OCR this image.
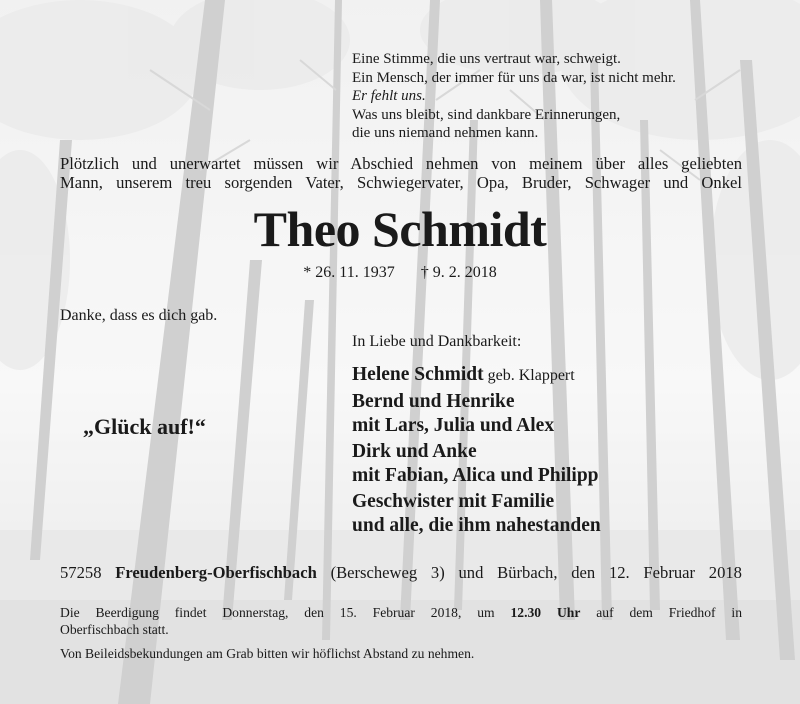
Eine Stimme, die uns vertraut war, schweigt.
Ein Mensch, der immer für uns da war, ist nicht mehr.
Er fehlt uns.
Was uns bleibt, sind dankbare Erinnerungen,
die uns niemand nehmen kann.
Plötzlich und unerwartet müssen wir Abschied nehmen von meinem über alles geliebten
Mann, unserem treu sorgenden Vater, Schwiegervater, Opa, Bruder, Schwager und Onkel
Theo Schmidt
* 26. 11. 1937 † 9. 2. 2018
Danke, dass es dich gab.
In Liebe und Dankbarkeit:
Helene Schmidt geb. Klappert
Bernd und Henrike
mit Lars, Julia und Alex
Dirk und Anke
mit Fabian, Alica und Philipp
Geschwister mit Familie
und alle, die ihm nahestanden
„Glück auf!“
57258 Freudenberg-Oberfischbach (Berscheweg 3) und Bürbach, den 12. Februar 2018
Die Beerdigung findet Donnerstag, den 15. Februar 2018, um 12.30 Uhr auf dem Friedhof in
Oberfischbach statt.
Von Beileidsbekundungen am Grab bitten wir höflichst Abstand zu nehmen.
